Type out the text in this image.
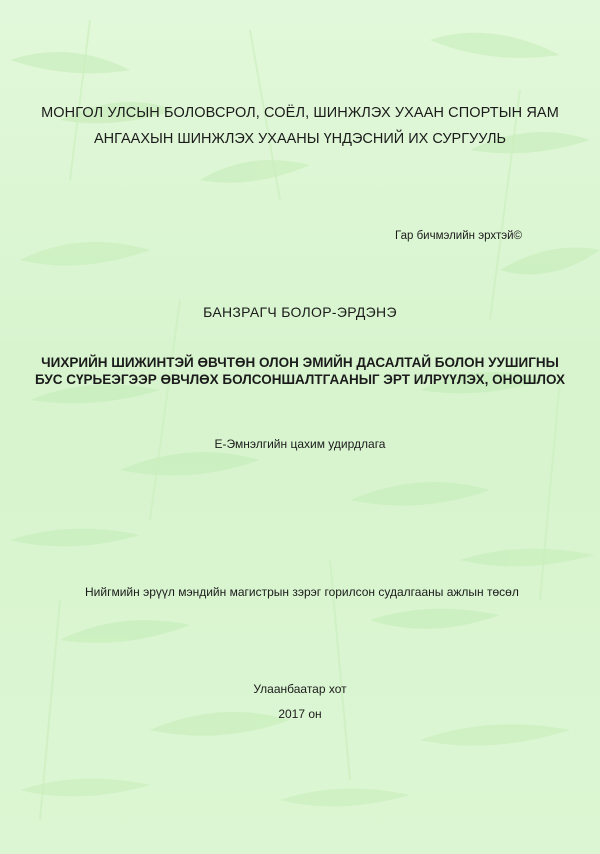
МОНГОЛ УЛСЫН БОЛОВСРОЛ, СОЁЛ, ШИНЖЛЭХ УХААН СПОРТЫН ЯАМ
АНГААХЫН ШИНЖЛЭХ УХААНЫ ҮНДЭСНИЙ ИХ СУРГУУЛЬ
Гар бичмэлийн эрхтэй©
БАНЗРАГЧ БОЛОР-ЭРДЭНЭ
ЧИХРИЙН ШИЖИНТЭЙ ӨВЧТӨН ОЛОН ЭМИЙН ДАСАЛТАЙ БОЛОН УУШИГНЫ
БУС СҮРЬЕЭГЭЭР ӨВЧЛӨХ БОЛСОНШАЛТГААНЫГ ЭРТ ИЛРҮҮЛЭХ, ОНОШЛОХ
Е-Эмнэлгийн цахим удирдлага
Нийгмийн эрүүл мэндийн магистрын зэрэг горилсон судалгааны ажлын төсөл
Улаанбаатар хот
2017 он
